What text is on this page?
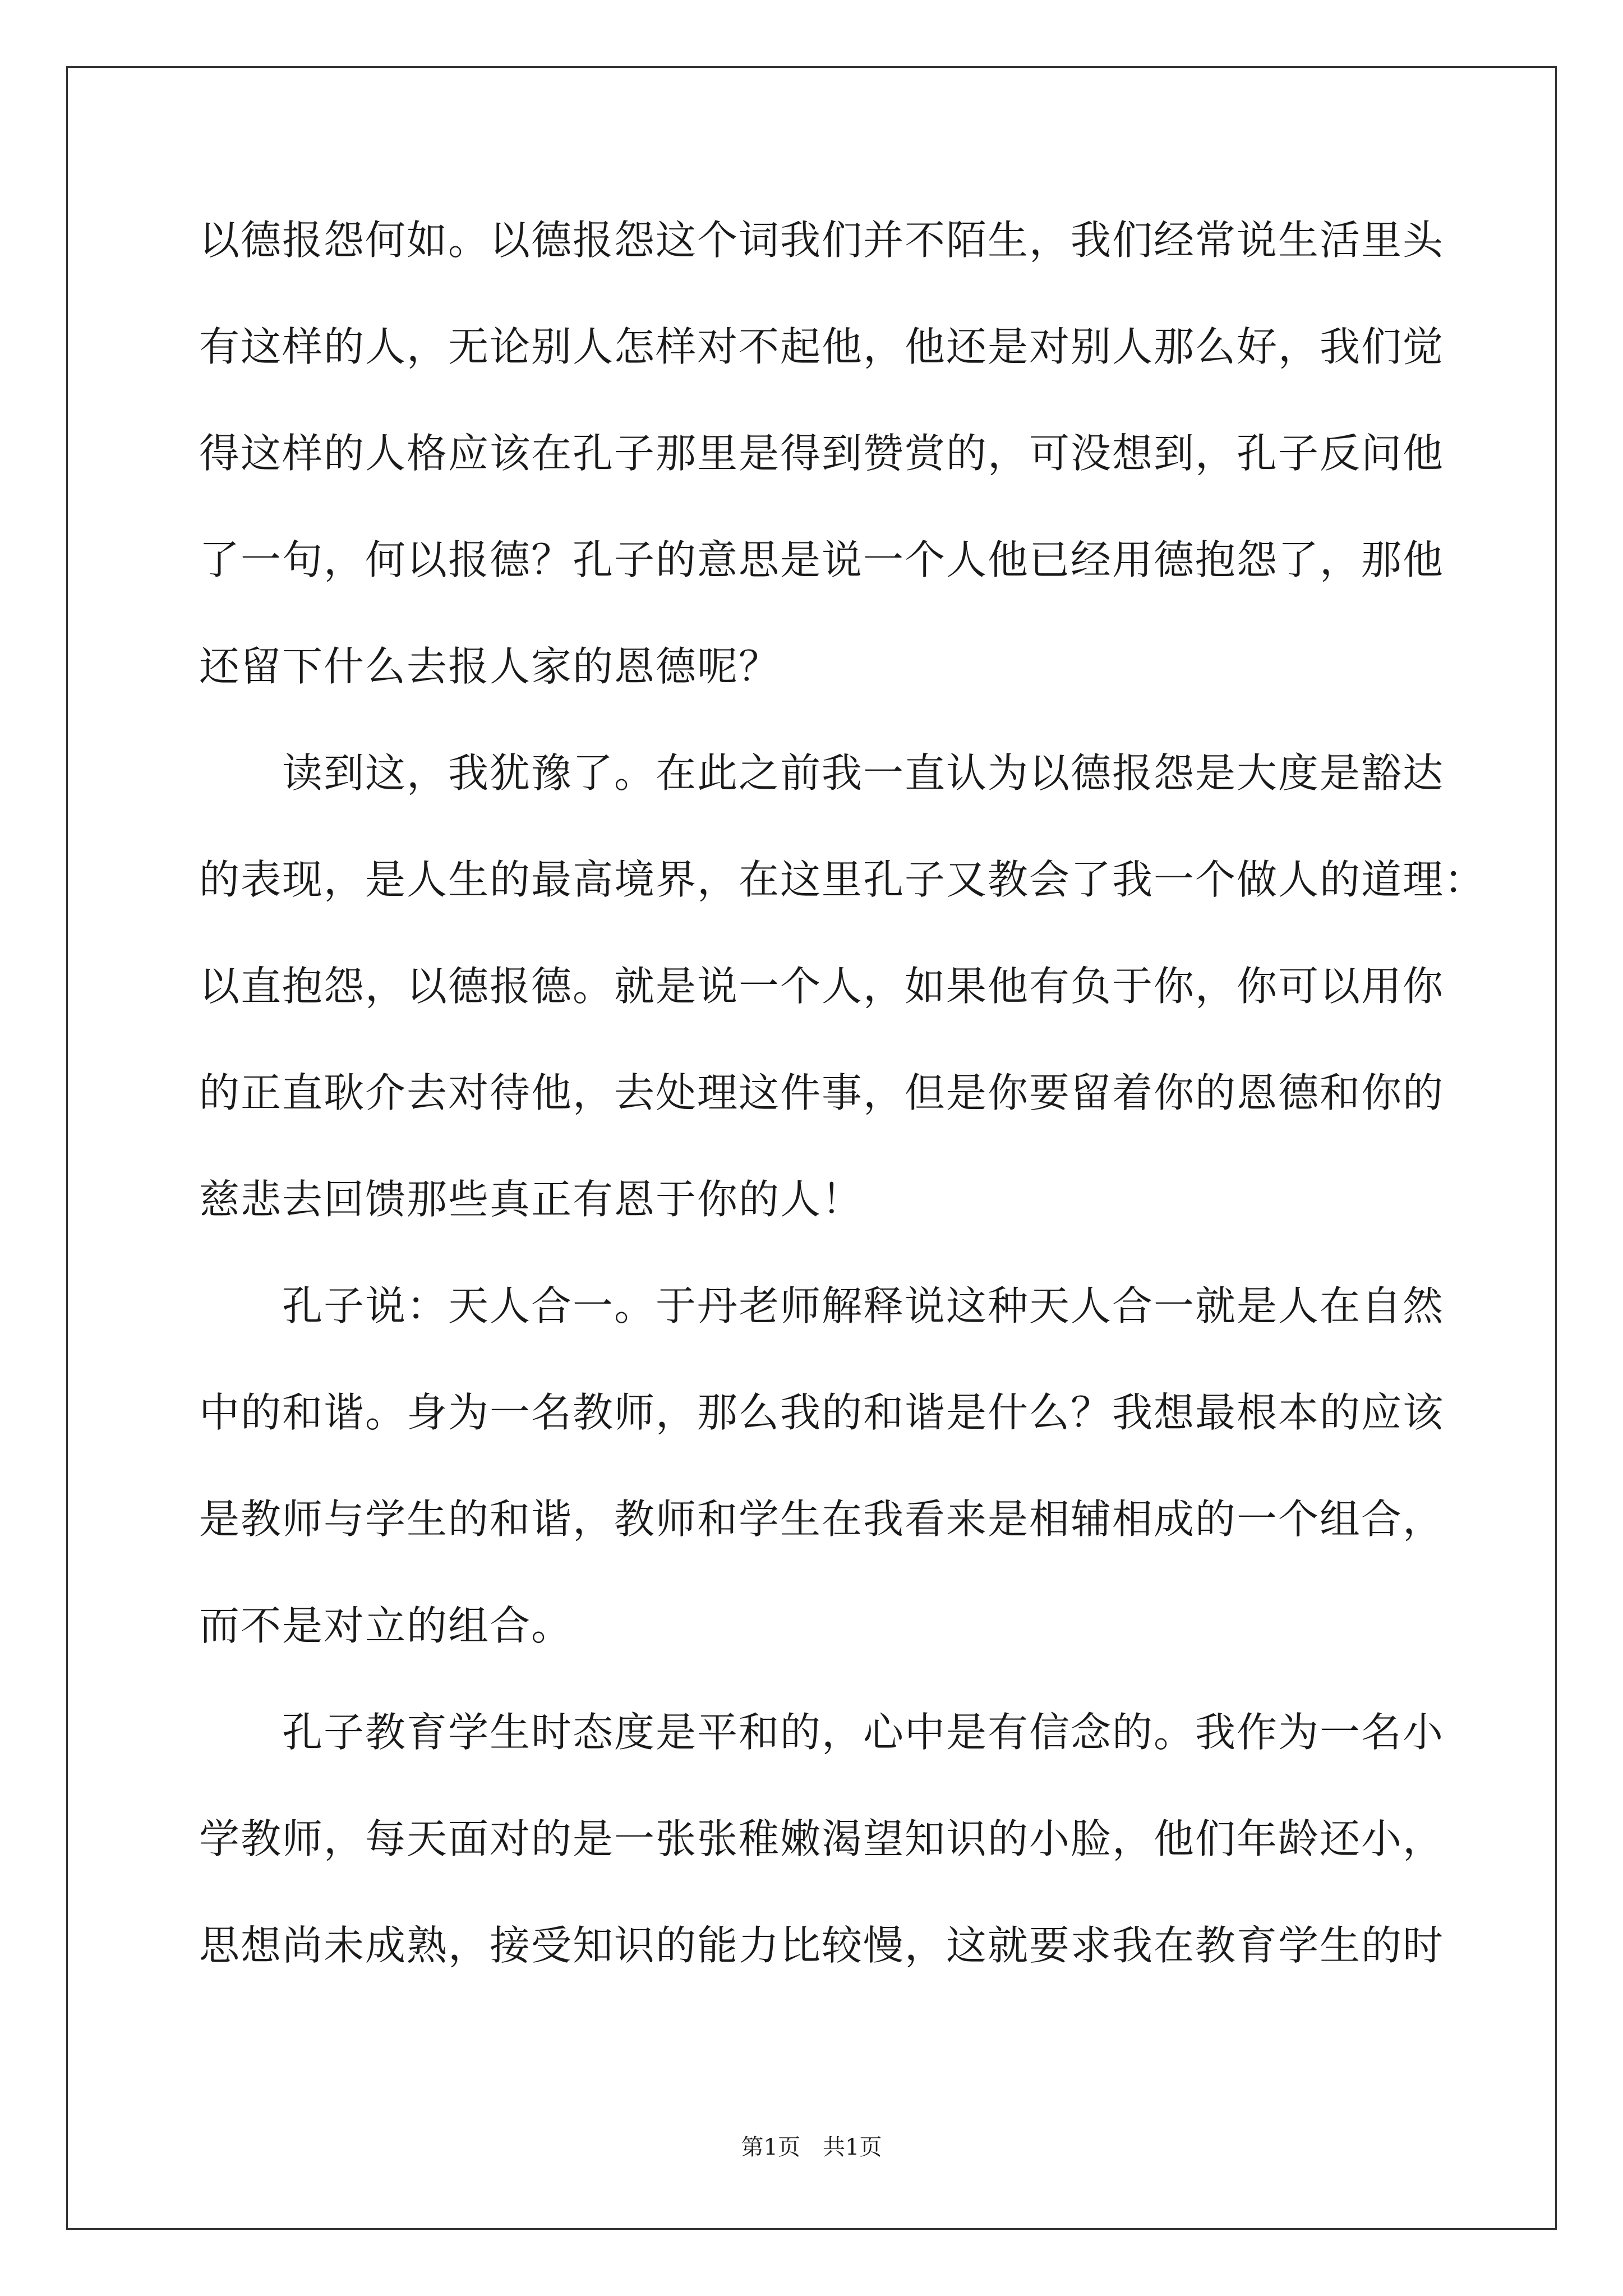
以德报怨何如。以德报怨这个词我们并不陌生，我们经常说生活里头
有这样的人，无论别人怎样对不起他，他还是对别人那么好，我们觉
得这样的人格应该在孔子那里是得到赞赏的，可没想到，孔子反问他
了一句，何以报德？孔子的意思是说一个人他已经用德抱怨了，那他
还留下什么去报人家的恩德呢？
　　读到这，我犹豫了。在此之前我一直认为以德报怨是大度是豁达
的表现，是人生的最高境界，在这里孔子又教会了我一个做人的道理：
以直抱怨，以德报德。就是说一个人，如果他有负于你，你可以用你
的正直耿介去对待他，去处理这件事，但是你要留着你的恩德和你的
慈悲去回馈那些真正有恩于你的人！
　　孔子说：天人合一。于丹老师解释说这种天人合一就是人在自然
中的和谐。身为一名教师，那么我的和谐是什么？我想最根本的应该
是教师与学生的和谐，教师和学生在我看来是相辅相成的一个组合，
而不是对立的组合。
　　孔子教育学生时态度是平和的，心中是有信念的。我作为一名小
学教师，每天面对的是一张张稚嫩渴望知识的小脸，他们年龄还小，
思想尚未成熟，接受知识的能力比较慢，这就要求我在教育学生的时
第1页　共1页
